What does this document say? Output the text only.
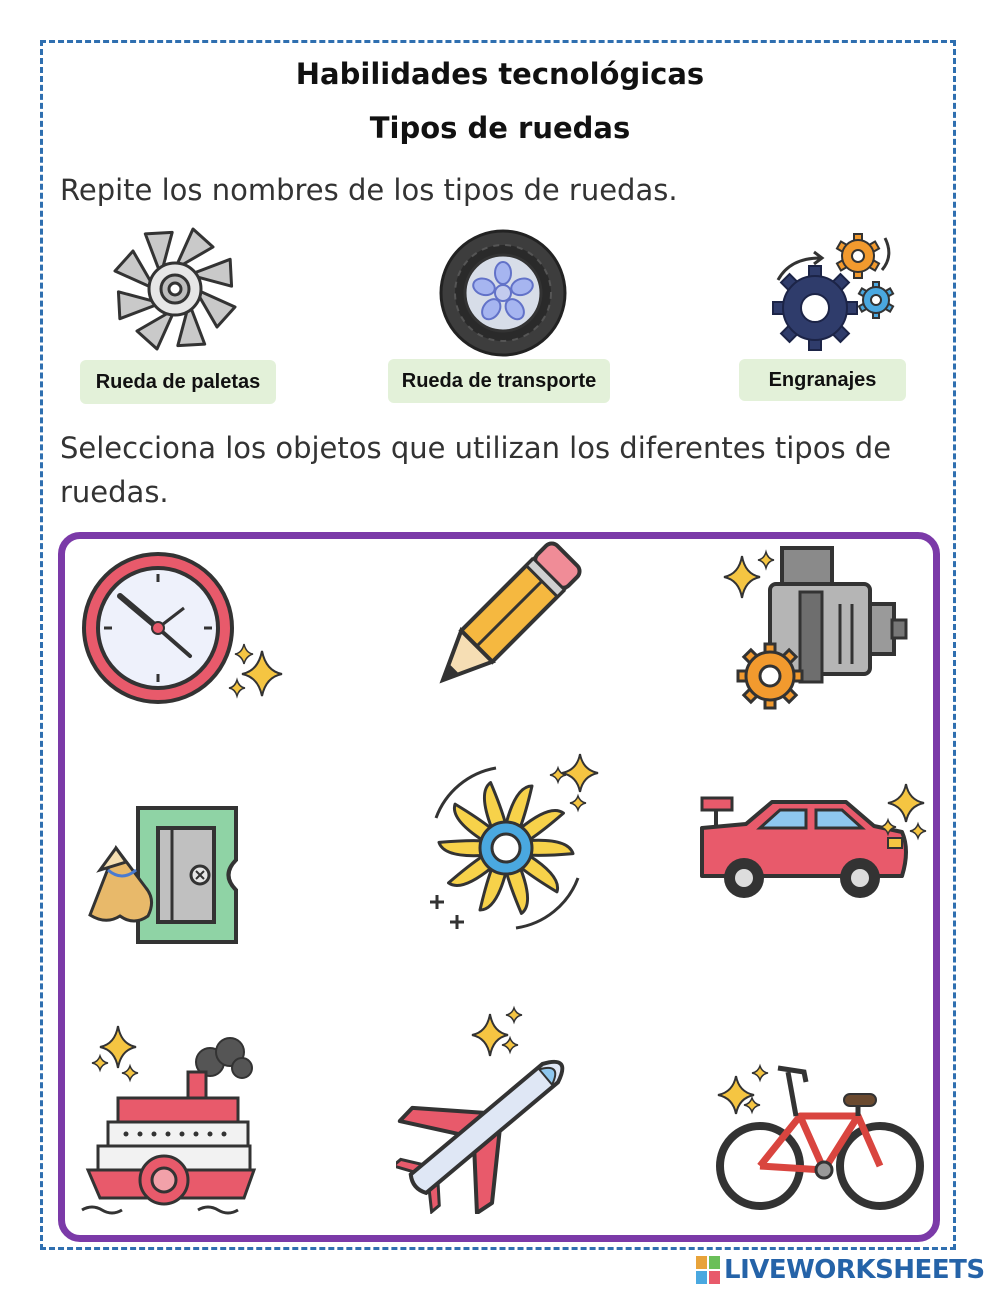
Habilidades tecnológicas
Tipos de ruedas
Repite los nombres de los tipos de ruedas.
Rueda de paletas	Rueda de transporte	Engranajes
Selecciona los objetos que utilizan los diferentes tipos de ruedas.
LIVEWORKSHEETS
